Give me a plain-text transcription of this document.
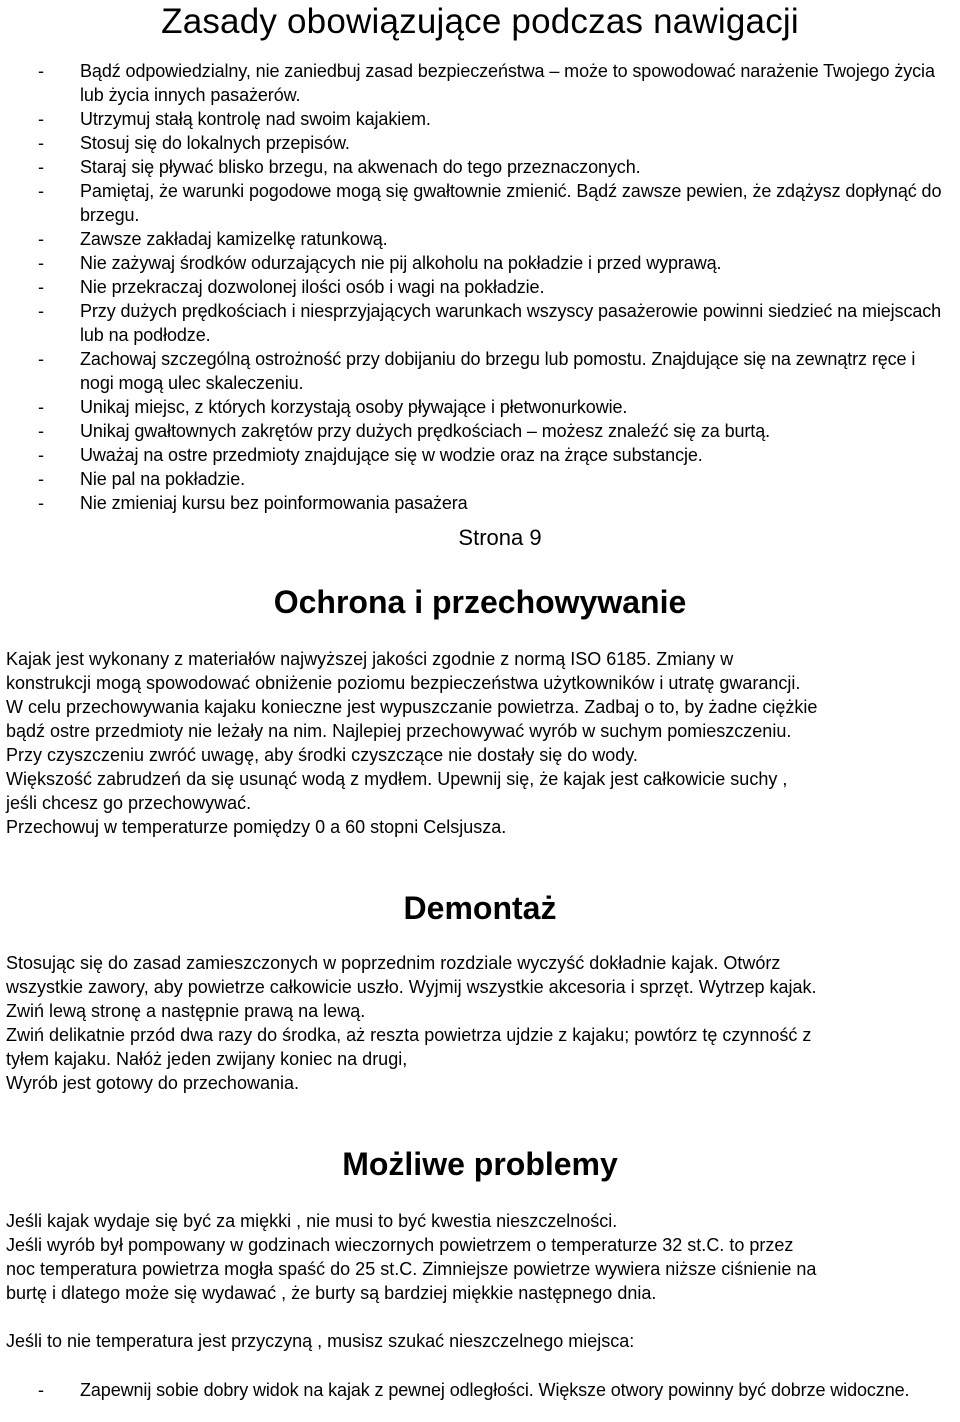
Zasady obowiązujące podczas nawigacji
- Bądź odpowiedzialny, nie zaniedbuj zasad bezpieczeństwa – może to spowodować narażenie Twojego życia lub życia innych pasażerów.
- Utrzymuj stałą kontrolę nad swoim kajakiem.
- Stosuj się do lokalnych przepisów.
- Staraj się pływać blisko brzegu, na akwenach do tego przeznaczonych.
- Pamiętaj, że warunki pogodowe mogą się gwałtownie zmienić. Bądź zawsze pewien, że zdążysz dopłynąć do brzegu.
- Zawsze zakładaj kamizelkę ratunkową.
- Nie zażywaj środków odurzających nie pij alkoholu na pokładzie i przed wyprawą.
- Nie przekraczaj dozwolonej ilości osób i wagi na pokładzie.
- Przy dużych prędkościach i niesprzyjających warunkach wszyscy pasażerowie powinni siedzieć na miejscach lub na podłodze.
- Zachowaj szczególną ostrożność przy dobijaniu do brzegu lub pomostu. Znajdujące się na zewnątrz ręce i nogi mogą ulec skaleczeniu.
- Unikaj miejsc, z których korzystają osoby pływające i płetwonurkowie.
- Unikaj gwałtownych zakrętów przy dużych prędkościach – możesz znaleźć się za burtą.
- Uważaj na ostre przedmioty znajdujące się w wodzie oraz na żrące substancje.
- Nie pal na pokładzie.
- Nie zmieniaj kursu bez poinformowania pasażera
Strona 9
Ochrona i przechowywanie

Kajak jest wykonany z materiałów najwyższej jakości zgodnie z normą ISO 6185. Zmiany w

konstrukcji mogą spowodować obniżenie poziomu bezpieczeństwa użytkowników i utratę gwarancji.

W celu przechowywania kajaku konieczne jest wypuszczanie powietrza. Zadbaj o to, by żadne ciężkie

bądź ostre przedmioty nie leżały na nim. Najlepiej przechowywać wyrób w suchym pomieszczeniu.

Przy czyszczeniu zwróć uwagę, aby środki czyszczące nie dostały się do wody.

Większość zabrudzeń da się usunąć wodą z mydłem. Upewnij się, że kajak jest całkowicie suchy ,

jeśli chcesz go przechowywać.

Przechowuj w temperaturze pomiędzy 0 a 60 stopni Celsjusza.

Demontaż

Stosując się do zasad zamieszczonych w poprzednim rozdziale wyczyść dokładnie kajak. Otwórz

wszystkie zawory, aby powietrze całkowicie uszło. Wyjmij wszystkie akcesoria i sprzęt. Wytrzep kajak.

Zwiń lewą stronę a następnie prawą na lewą.

Zwiń delikatnie przód dwa razy do środka, aż reszta powietrza ujdzie z kajaku; powtórz tę czynność z

tyłem kajaku. Nałóż jeden zwijany koniec na drugi,

Wyrób jest gotowy do przechowania.

Możliwe problemy

Jeśli kajak wydaje się być za miękki , nie musi to być kwestia nieszczelności.

Jeśli wyrób był pompowany w godzinach wieczornych powietrzem o temperaturze 32 st.C. to przez

noc temperatura powietrza mogła spaść do 25 st.C. Zimniejsze powietrze wywiera niższe ciśnienie na

burtę i dlatego może się wydawać , że burty są bardziej miękkie następnego dnia.

Jeśli to nie temperatura jest przyczyną , musisz szukać nieszczelnego miejsca:

- Zapewnij sobie dobry widok na kajak z pewnej odległości. Większe otwory powinny być dobrze widoczne.
